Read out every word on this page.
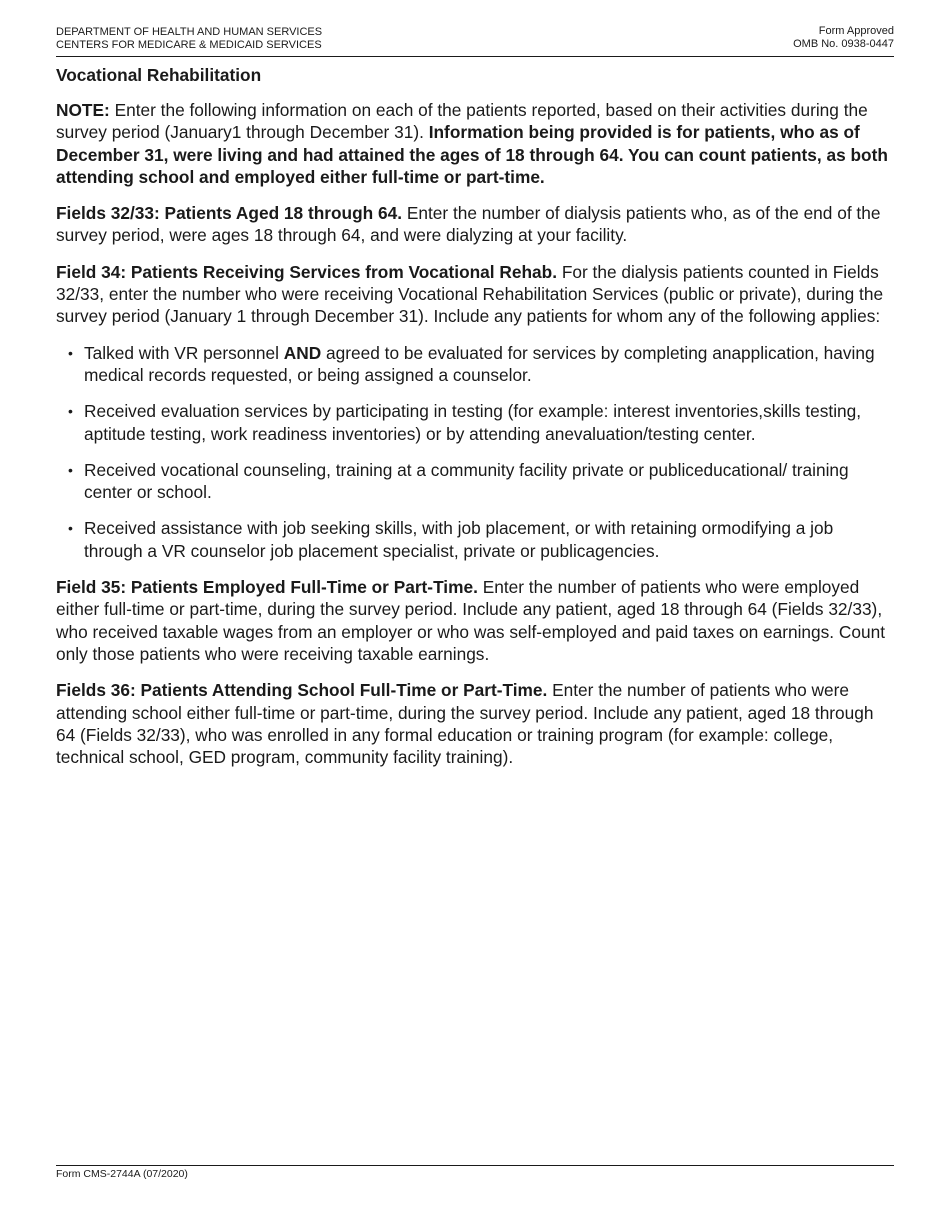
DEPARTMENT OF HEALTH AND HUMAN SERVICES
CENTERS FOR MEDICARE & MEDICAID SERVICES
Form Approved
OMB No. 0938-0447
Vocational Rehabilitation

NOTE: Enter the following information on each of the patients reported, based on their activities during the survey period (January1 through December 31). Information being provided is for patients, who as of December 31, were living and had attained the ages of 18 through 64. You can count patients, as both attending school and employed either full-time or part-time.

Fields 32/33: Patients Aged 18 through 64. Enter the number of dialysis patients who, as of the end of the survey period, were ages 18 through 64, and were dialyzing at your facility.

Field 34: Patients Receiving Services from Vocational Rehab. For the dialysis patients counted in Fields 32/33, enter the number who were receiving Vocational Rehabilitation Services (public or private), during the survey period (January 1 through December 31). Include any patients for whom any of the following applies:

• Talked with VR personnel AND agreed to be evaluated for services by completing anapplication, having medical records requested, or being assigned a counselor.
• Received evaluation services by participating in testing (for example: interest inventories,skills testing, aptitude testing, work readiness inventories) or by attending anevaluation/testing center.
• Received vocational counseling, training at a community facility private or publiceducational/ training center or school.
• Received assistance with job seeking skills, with job placement, or with retaining ormodifying a job through a VR counselor job placement specialist, private or publicagencies.

Field 35: Patients Employed Full-Time or Part-Time. Enter the number of patients who were employed either full-time or part-time, during the survey period. Include any patient, aged 18 through 64 (Fields 32/33), who received taxable wages from an employer or who was self-employed and paid taxes on earnings. Count only those patients who were receiving taxable earnings.

Fields 36: Patients Attending School Full-Time or Part-Time. Enter the number of patients who were attending school either full-time or part-time, during the survey period. Include any patient, aged 18 through 64 (Fields 32/33), who was enrolled in any formal education or training program (for example: college, technical school, GED program, community facility training).

Form CMS-2744A (07/2020)
